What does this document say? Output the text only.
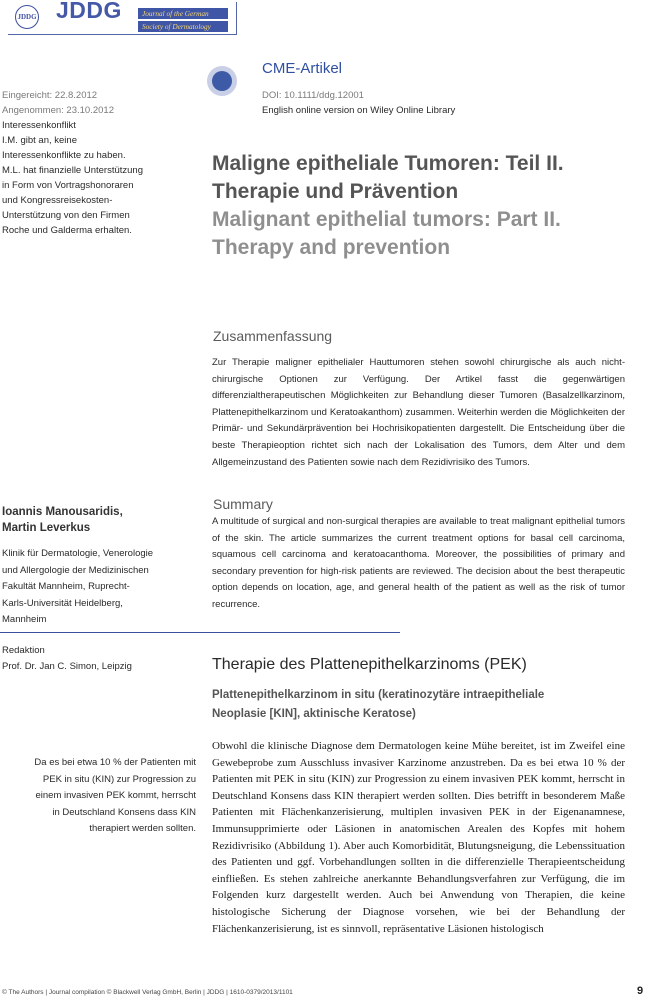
JDDG JDDG	Journal of the German
Society of Dermatology
CME-Artikel
DOI: 10.1111/ddg.12001
English online version on Wiley Online Library
Eingereicht: 22.8.2012
Angenommen: 23.10.2012
Interessenkonflikt
I.M. gibt an, keine
Interessenkonflikte zu haben.
M.L. hat finanzielle Unterstützung
in Form von Vortragshonoraren
und Kongressreisekosten-
Unterstützung von den Firmen
Roche und Galderma erhalten.
Maligne epitheliale Tumoren: Teil II.
Therapie und Prävention
Malignant epithelial tumors: Part II.
Therapy and prevention
Zusammenfassung
Zur Therapie maligner epithelialer Hauttumoren stehen sowohl chirurgische als auch nicht-chirurgische Optionen zur Verfügung. Der Artikel fasst die gegenwärtigen differenzialtherapeutischen Möglichkeiten zur Behandlung dieser Tumoren (Basalzellkarzinom, Plattenepithelkarzinom und Keratoakanthom) zusammen. Weiterhin werden die Möglichkeiten der Primär- und Sekundärprävention bei Hochrisikopatienten dargestellt. Die Entscheidung über die beste Therapieoption richtet sich nach der Lokalisation des Tumors, dem Alter und dem Allgemeinzustand des Patienten sowie nach dem Rezidivrisiko des Tumors.
Summary
A multitude of surgical and non-surgical therapies are available to treat malignant epithelial tumors of the skin. The article summarizes the current treatment options for basal cell carcinoma, squamous cell carcinoma and keratoacanthoma. Moreover, the possibilities of primary and secondary prevention for high-risk patients are reviewed. The decision about the best therapeutic option depends on location, age, and general health of the patient as well as the risk of tumor recurrence.
Ioannis Manousaridis,
Martin Leverkus
Klinik für Dermatologie, Venerologie
und Allergologie der Medizinischen
Fakultät Mannheim, Ruprecht-
Karls-Universität Heidelberg,
Mannheim
Redaktion
Prof. Dr. Jan C. Simon, Leipzig	Therapie des Plattenepithelkarzinoms (PEK)
Plattenepithelkarzinom in situ (keratinozytäre intraepitheliale
Neoplasie [KIN], aktinische Keratose)
Da es bei etwa 10 % der Patienten mit
PEK in situ (KIN) zur Progression zu
einem invasiven PEK kommt, herrscht
in Deutschland Konsens dass KIN
therapiert werden sollten.
Obwohl die klinische Diagnose dem Dermatologen keine Mühe bereitet, ist im Zweifel eine Gewebeprobe zum Ausschluss invasiver Karzinome anzustreben. Da es bei etwa 10 % der Patienten mit PEK in situ (KIN) zur Progression zu einem invasiven PEK kommt, herrscht in Deutschland Konsens dass KIN therapiert werden sollten. Dies betrifft in besonderem Maße Patienten mit Flächenkanzerisierung, multiplen invasiven PEK in der Eigenanamnese, Immunsupprimierte oder Läsionen in anatomischen Arealen des Kopfes mit hohem Rezidivrisiko (Abbildung 1). Aber auch Komorbidität, Blutungsneigung, die Lebenssituation des Patienten und ggf. Vorbehandlungen sollten in die differenzielle Therapieentscheidung einfließen. Es stehen zahlreiche anerkannte Behandlungsverfahren zur Verfügung, die im Folgenden kurz dargestellt werden. Auch bei Anwendung von Therapien, die keine histologische Sicherung der Diagnose vorsehen, wie bei der Behandlung der Flächenkanzerisierung, ist es sinnvoll, repräsentative Läsionen histologisch
© The Authors | Journal compilation © Blackwell Verlag GmbH, Berlin | JDDG | 1610-0379/2013/1101	9
